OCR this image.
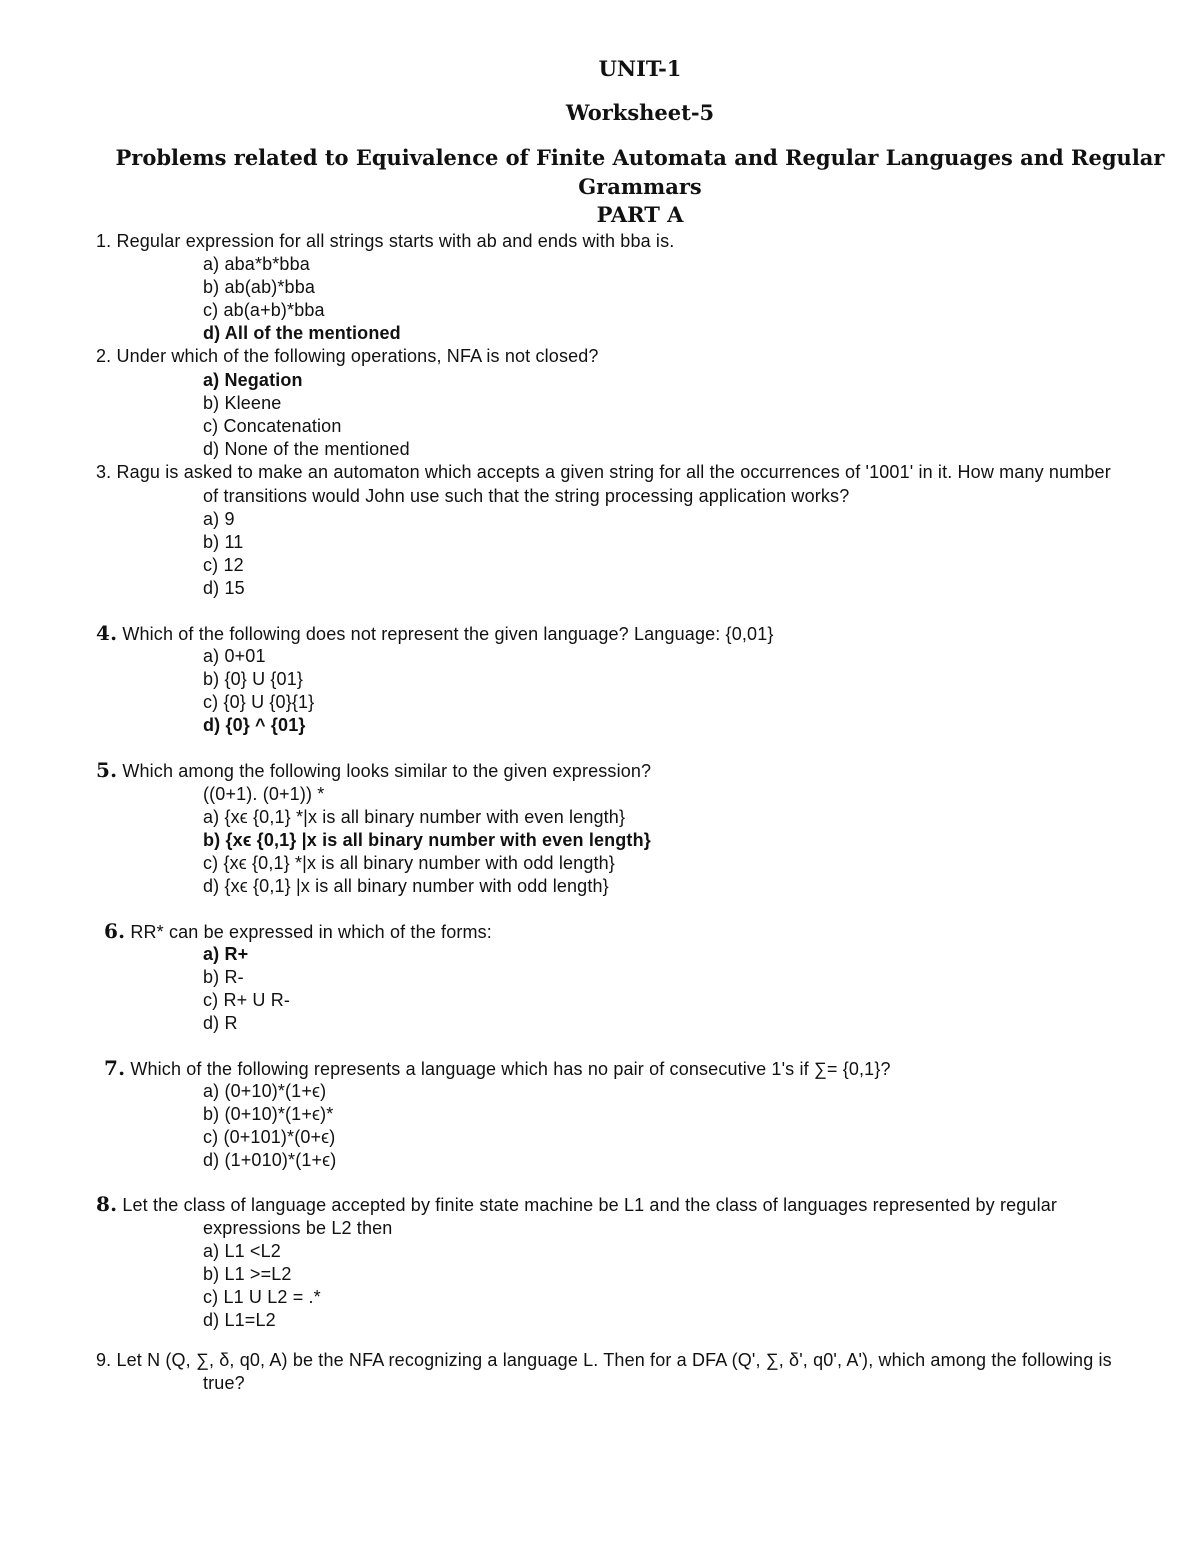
UNIT-1
Worksheet-5
Problems related to Equivalence of Finite Automata and Regular Languages and Regular
Grammars
PART A
1. Regular expression for all strings starts with ab and ends with bba is.
a) aba*b*bba
b) ab(ab)*bba
c) ab(a+b)*bba
d) All of the mentioned
2. Under which of the following operations, NFA is not closed?
a) Negation
b) Kleene
c) Concatenation
d) None of the mentioned
3. Ragu is asked to make an automaton which accepts a given string for all the occurrences of '1001' in it. How many number
of transitions would John use such that the string processing application works?
a) 9
b) 11
c) 12
d) 15
4. Which of the following does not represent the given language? Language: {0,01}
a) 0+01
b) {0} U {01}
c) {0} U {0}{1}
d) {0} ^ {01}
5. Which among the following looks similar to the given expression?
((0+1). (0+1)) *
a) {xϵ {0,1} *|x is all binary number with even length}
b) {xϵ {0,1} |x is all binary number with even length}
c) {xϵ {0,1} *|x is all binary number with odd length}
d) {xϵ {0,1} |x is all binary number with odd length}
6. RR* can be expressed in which of the forms:
a) R+
b) R-
c) R+ U R-
d) R
7. Which of the following represents a language which has no pair of consecutive 1's if ∑= {0,1}?
a) (0+10)*(1+ϵ)
b) (0+10)*(1+ϵ)*
c) (0+101)*(0+ϵ)
d) (1+010)*(1+ϵ)
8. Let the class of language accepted by finite state machine be L1 and the class of languages represented by regular
expressions be L2 then
a) L1 <L2
b) L1 >=L2
c) L1 U L2 = .*
d) L1=L2
9. Let N (Q, ∑, δ, q0, A) be the NFA recognizing a language L. Then for a DFA (Q', ∑, δ', q0', A'), which among the following is
true?
